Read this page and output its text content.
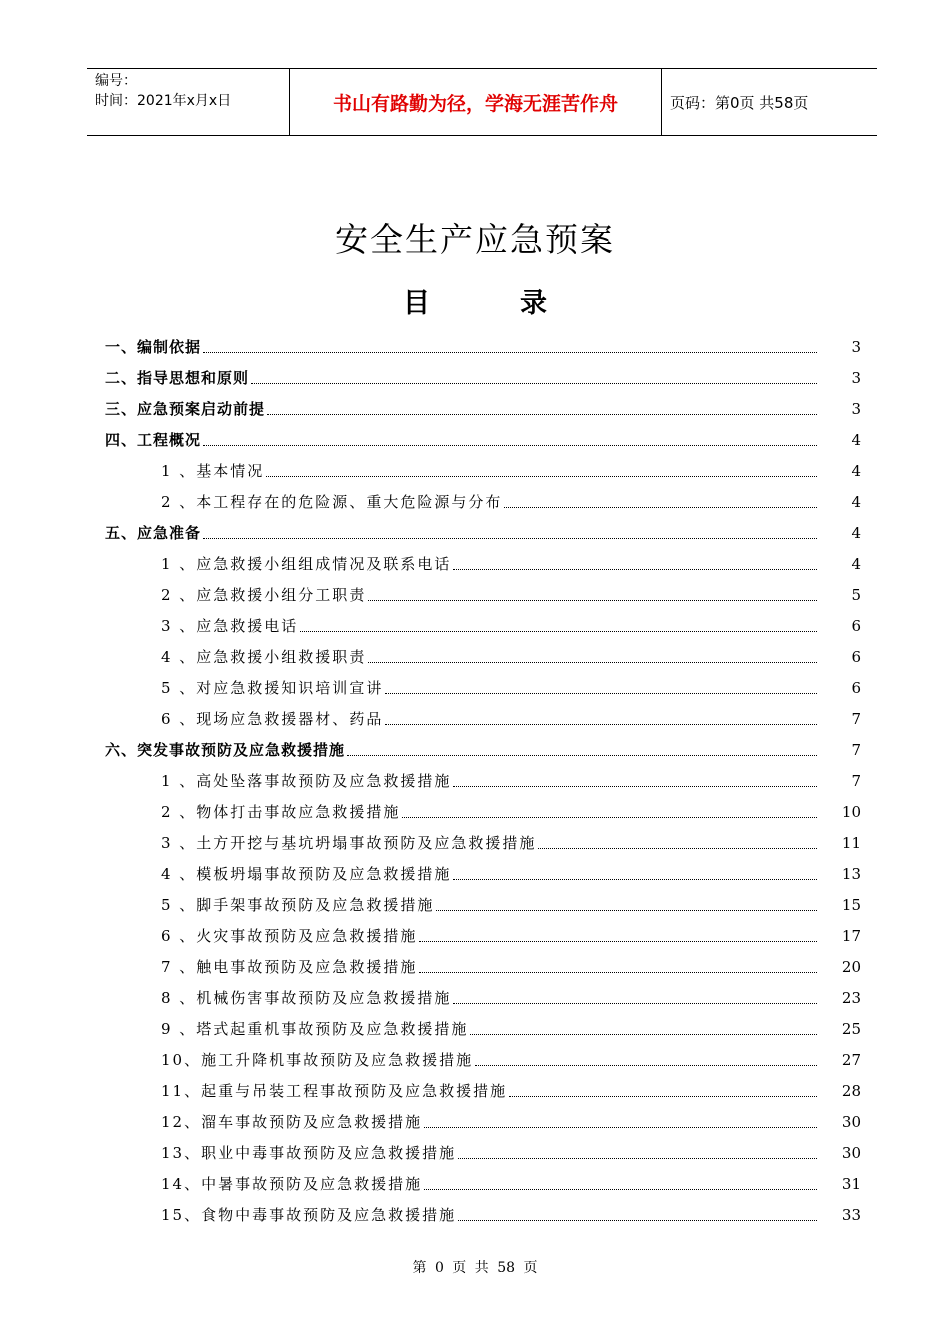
编号：
时间：2021年x月x日	书山有路勤为径，学海无涯苦作舟	页码：第0页 共58页
安全生产应急预案
目	录
一、编制依据	3
二、指导思想和原则	3
三、应急预案启动前提	3
四、工程概况	4
1 、基本情况	4
2 、本工程存在的危险源、重大危险源与分布	4
五、应急准备	4
1 、应急救援小组组成情况及联系电话	4
2 、应急救援小组分工职责	5
3 、应急救援电话	6
4 、应急救援小组救援职责	6
5 、对应急救援知识培训宣讲	6
6 、现场应急救援器材、药品	7
六、突发事故预防及应急救援措施	7
1 、高处坠落事故预防及应急救援措施	7
2 、物体打击事故应急救援措施	10
3 、土方开挖与基坑坍塌事故预防及应急救援措施	11
4 、模板坍塌事故预防及应急救援措施	13
5 、脚手架事故预防及应急救援措施	15
6 、火灾事故预防及应急救援措施	17
7 、触电事故预防及应急救援措施	20
8 、机械伤害事故预防及应急救援措施	23
9 、塔式起重机事故预防及应急救援措施	25
10、施工升降机事故预防及应急救援措施	27
11、起重与吊装工程事故预防及应急救援措施	28
12、溜车事故预防及应急救援措施	30
13、职业中毒事故预防及应急救援措施	30
14、中暑事故预防及应急救援措施	31
15、食物中毒事故预防及应急救援措施	33
第 0 页 共 58 页
